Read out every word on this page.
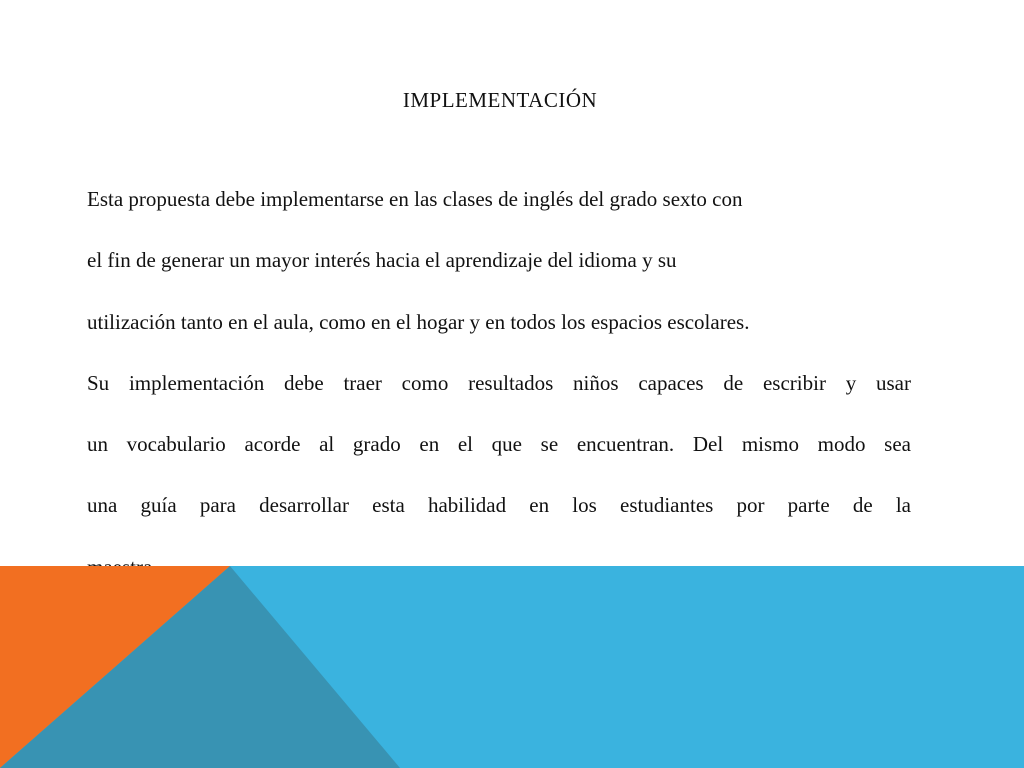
IMPLEMENTACIÓN
Esta propuesta debe implementarse en las clases de inglés del grado sexto con
el fin de generar un mayor interés hacia el aprendizaje del idioma y su
utilización tanto en el aula, como en el hogar y en todos los espacios escolares.
Su implementación debe traer como resultados niños capaces de escribir y usar
un vocabulario acorde al grado en el que se encuentran. Del mismo modo sea
una guía para desarrollar esta habilidad en los estudiantes por parte de la
